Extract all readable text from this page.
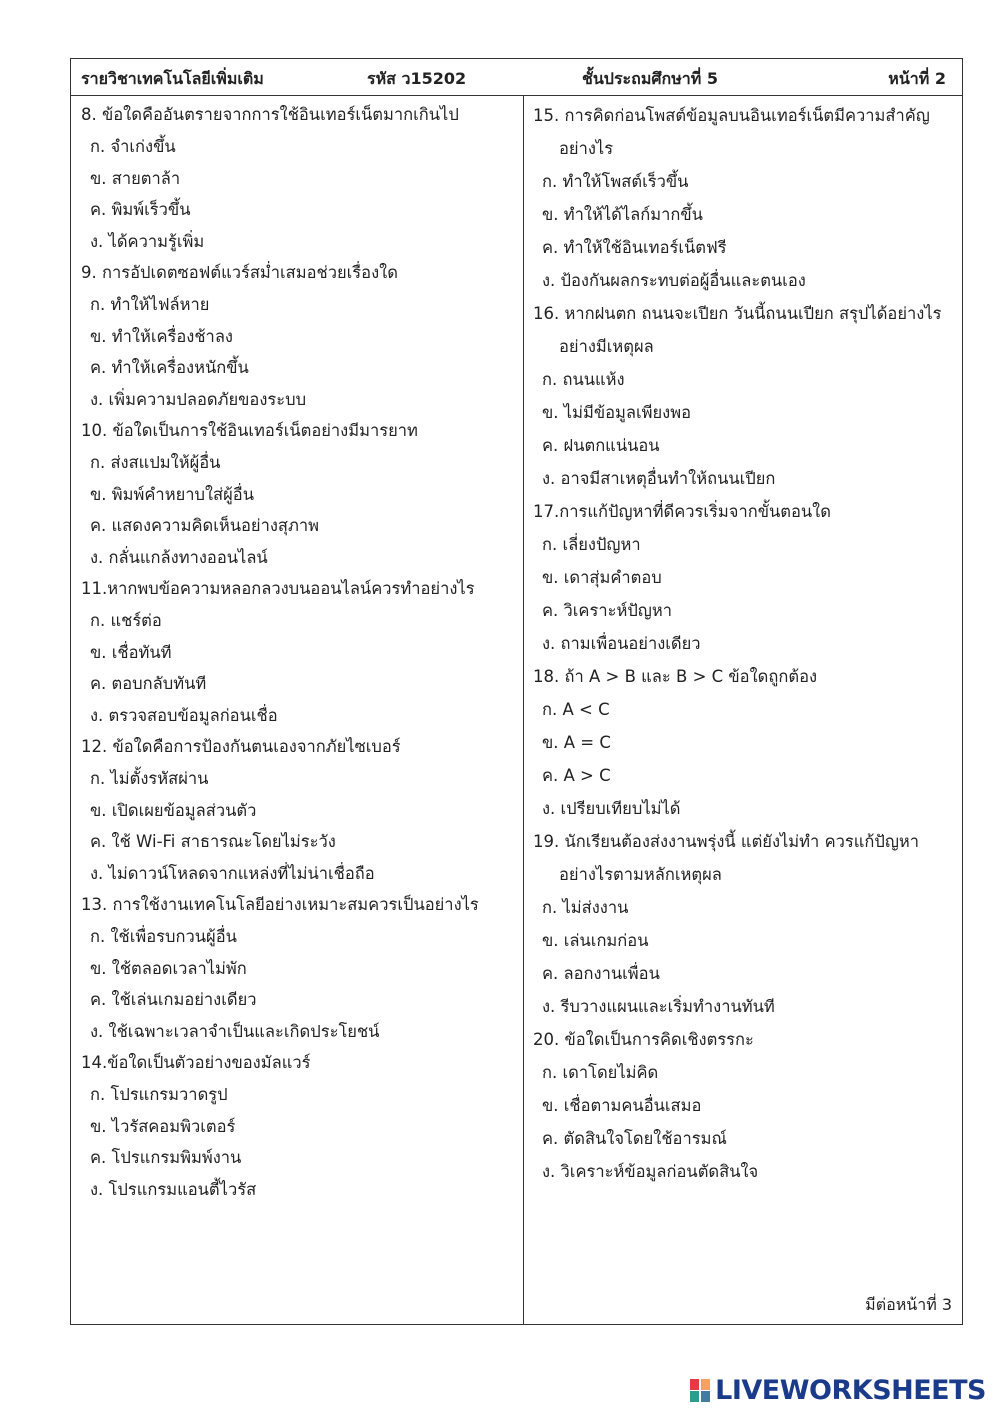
รายวิชาเทคโนโลยีเพิ่มเติม	รหัส ว15202	ชั้นประถมศึกษาที่ 5	หน้าที่ 2
8. ข้อใดคืออันตรายจากการใช้อินเทอร์เน็ตมากเกินไป
ก. จำเก่งขึ้น
ข. สายตาล้า
ค. พิมพ์เร็วขึ้น
ง. ได้ความรู้เพิ่ม
9. การอัปเดตซอฟต์แวร์สม่ำเสมอช่วยเรื่องใด
ก. ทำให้ไฟล์หาย
ข. ทำให้เครื่องช้าลง
ค. ทำให้เครื่องหนักขึ้น
ง. เพิ่มความปลอดภัยของระบบ
10. ข้อใดเป็นการใช้อินเทอร์เน็ตอย่างมีมารยาท
ก. ส่งสแปมให้ผู้อื่น
ข. พิมพ์คำหยาบใส่ผู้อื่น
ค. แสดงความคิดเห็นอย่างสุภาพ
ง. กลั่นแกล้งทางออนไลน์
11.หากพบข้อความหลอกลวงบนออนไลน์ควรทำอย่างไร
ก. แชร์ต่อ
ข. เชื่อทันที
ค. ตอบกลับทันที
ง. ตรวจสอบข้อมูลก่อนเชื่อ
12. ข้อใดคือการป้องกันตนเองจากภัยไซเบอร์
ก. ไม่ตั้งรหัสผ่าน
ข. เปิดเผยข้อมูลส่วนตัว
ค. ใช้ Wi-Fi สาธารณะโดยไม่ระวัง
ง. ไม่ดาวน์โหลดจากแหล่งที่ไม่น่าเชื่อถือ
13. การใช้งานเทคโนโลยีอย่างเหมาะสมควรเป็นอย่างไร
ก. ใช้เพื่อรบกวนผู้อื่น
ข. ใช้ตลอดเวลาไม่พัก
ค. ใช้เล่นเกมอย่างเดียว
ง. ใช้เฉพาะเวลาจำเป็นและเกิดประโยชน์
14.ข้อใดเป็นตัวอย่างของมัลแวร์
ก. โปรแกรมวาดรูป
ข. ไวรัสคอมพิวเตอร์
ค. โปรแกรมพิมพ์งาน
ง. โปรแกรมแอนตี้ไวรัส
15. การคิดก่อนโพสต์ข้อมูลบนอินเทอร์เน็ตมีความสำคัญ
อย่างไร
ก. ทำให้โพสต์เร็วขึ้น
ข. ทำให้ได้ไลก์มากขึ้น
ค. ทำให้ใช้อินเทอร์เน็ตฟรี
ง. ป้องกันผลกระทบต่อผู้อื่นและตนเอง
16. หากฝนตก ถนนจะเปียก วันนี้ถนนเปียก สรุปได้อย่างไร
อย่างมีเหตุผล
ก. ถนนแห้ง
ข. ไม่มีข้อมูลเพียงพอ
ค. ฝนตกแน่นอน
ง. อาจมีสาเหตุอื่นทำให้ถนนเปียก
17.การแก้ปัญหาที่ดีควรเริ่มจากขั้นตอนใด
ก. เลี่ยงปัญหา
ข. เดาสุ่มคำตอบ
ค. วิเคราะห์ปัญหา
ง. ถามเพื่อนอย่างเดียว
18. ถ้า A > B และ B > C ข้อใดถูกต้อง
ก. A < C
ข. A = C
ค. A > C
ง. เปรียบเทียบไม่ได้
19. นักเรียนต้องส่งงานพรุ่งนี้ แต่ยังไม่ทำ ควรแก้ปัญหา
อย่างไรตามหลักเหตุผล
ก. ไม่ส่งงาน
ข. เล่นเกมก่อน
ค. ลอกงานเพื่อน
ง. รีบวางแผนและเริ่มทำงานทันที
20. ข้อใดเป็นการคิดเชิงตรรกะ
ก. เดาโดยไม่คิด
ข. เชื่อตามคนอื่นเสมอ
ค. ตัดสินใจโดยใช้อารมณ์
ง. วิเคราะห์ข้อมูลก่อนตัดสินใจ
มีต่อหน้าที่ 3
LIVEWORKSHEETS
